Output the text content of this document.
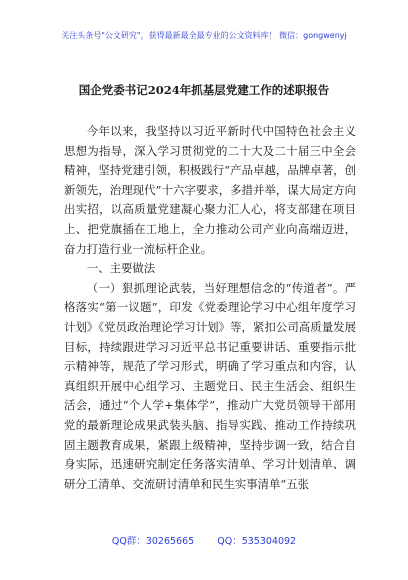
关注头条号"公文研究"，获得最新最全最专业的公文资料库！ 微信：gongwenyj
国企党委书记2024年抓基层党建工作的述职报告

今年以来，我坚持以习近平新时代中国特色社会主义思想为指导，深入学习贯彻党的二十大及二十届三中全会精神，坚持党建引领，积极践行“产品卓越，品牌卓著，创新领先，治理现代”十六字要求，多措并举，谋大局定方向出实招，以高质量党建凝心聚力汇人心，将支部建在项目上、把党旗插在工地上，全力推动公司产业向高端迈进，奋力打造行业一流标杆企业。

一、主要做法

（一）狠抓理论武装，当好理想信念的“传道者”。严格落实“第一议题”，印发《党委理论学习中心组年度学习计划》《党员政治理论学习计划》等，紧扣公司高质量发展目标，持续跟进学习习近平总书记重要讲话、重要指示批示精神等，规范了学习形式，明确了学习重点和内容，认真组织开展中心组学习、主题党日、民主生活会、组织生活会，通过“个人学+集体学”，推动广大党员领导干部用党的最新理论成果武装头脑、指导实践、推动工作持续巩固主题教育成果，紧跟上级精神，坚持步调一致，结合自身实际，迅速研究制定任务落实清单、学习计划清单、调研分工清单、交流研讨清单和民生实事清单“五张

QQ群：30265665 QQ：535304092
